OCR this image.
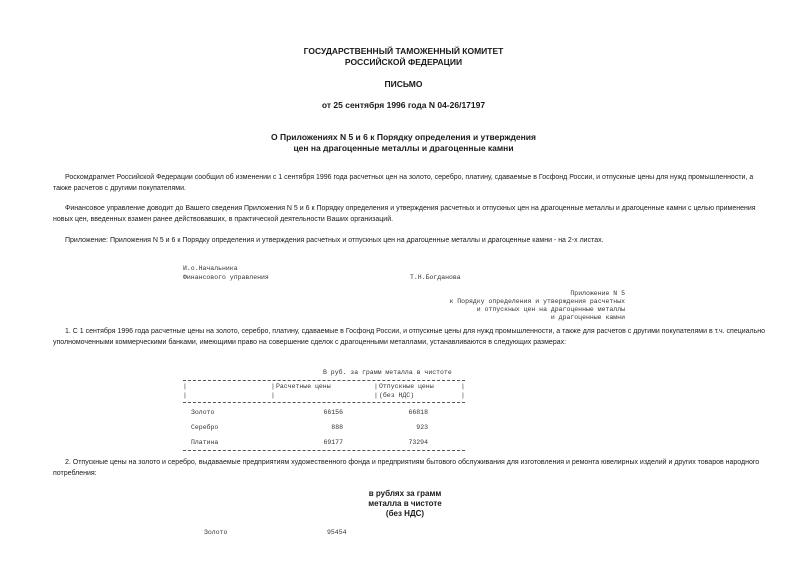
ГОСУДАРСТВЕННЫЙ ТАМОЖЕННЫЙ КОМИТЕТ
РОССИЙСКОЙ ФЕДЕРАЦИИ
ПИСЬМО
от 25 сентября 1996 года N 04-26/17197
О Приложениях N 5 и 6 к Порядку определения и утверждения
цен на драгоценные металлы и драгоценные камни
Роскомдрагмет Российской Федерации сообщил об изменении с 1 сентября 1996 года расчетных цен на золото, серебро, платину, сдаваемые в Госфонд России, и отпускные цены для нужд промышленности, а также расчетов с другими покупателями.
Финансовое управление доводит до Вашего сведения Приложения N 5 и 6 к Порядку определения и утверждения расчетных и отпускных цен на драгоценные металлы и драгоценные камни с целью применения новых цен, введенных взамен ранее действовавших, в практической деятельности Ваших организаций.
Приложение: Приложения N 5 и 6 к Порядку определения и утверждения расчетных и отпускных цен на драгоценные металлы и драгоценные камни - на 2-х листах.
И.о.Начальника
Финансового управления	Т.Н.Богданова
Приложение N 5
к Порядку определения и утверждения расчетных
и отпускных цен на драгоценные металлы
и драгоценные камни
1. С 1 сентября 1996 года расчетные цены на золото, серебро, платину, сдаваемые в Госфонд России, и отпускные цены для нужд промышленности, а также для расчетов с другими покупателями в т.ч. специально уполномоченными коммерческими банками, имеющими право на совершение сделок с драгоценными металлами, устанавливаются в следующих размерах:
В руб. за грамм металла в чистоте
|
|
|
|
|
|
|
|
Расчетные цены	Отпускные цены
(без НДС)
Золото	66156	66818
Серебро	888	923
Платина	69177	73294
2. Отпускные цены на золото и серебро, выдаваемые предприятиям художественного фонда и предприятиям бытового обслуживания для изготовления и ремонта ювелирных изделий и других товаров народного потребления:
в рублях за грамм
металла в чистоте
(без НДС)
Золото	95454
